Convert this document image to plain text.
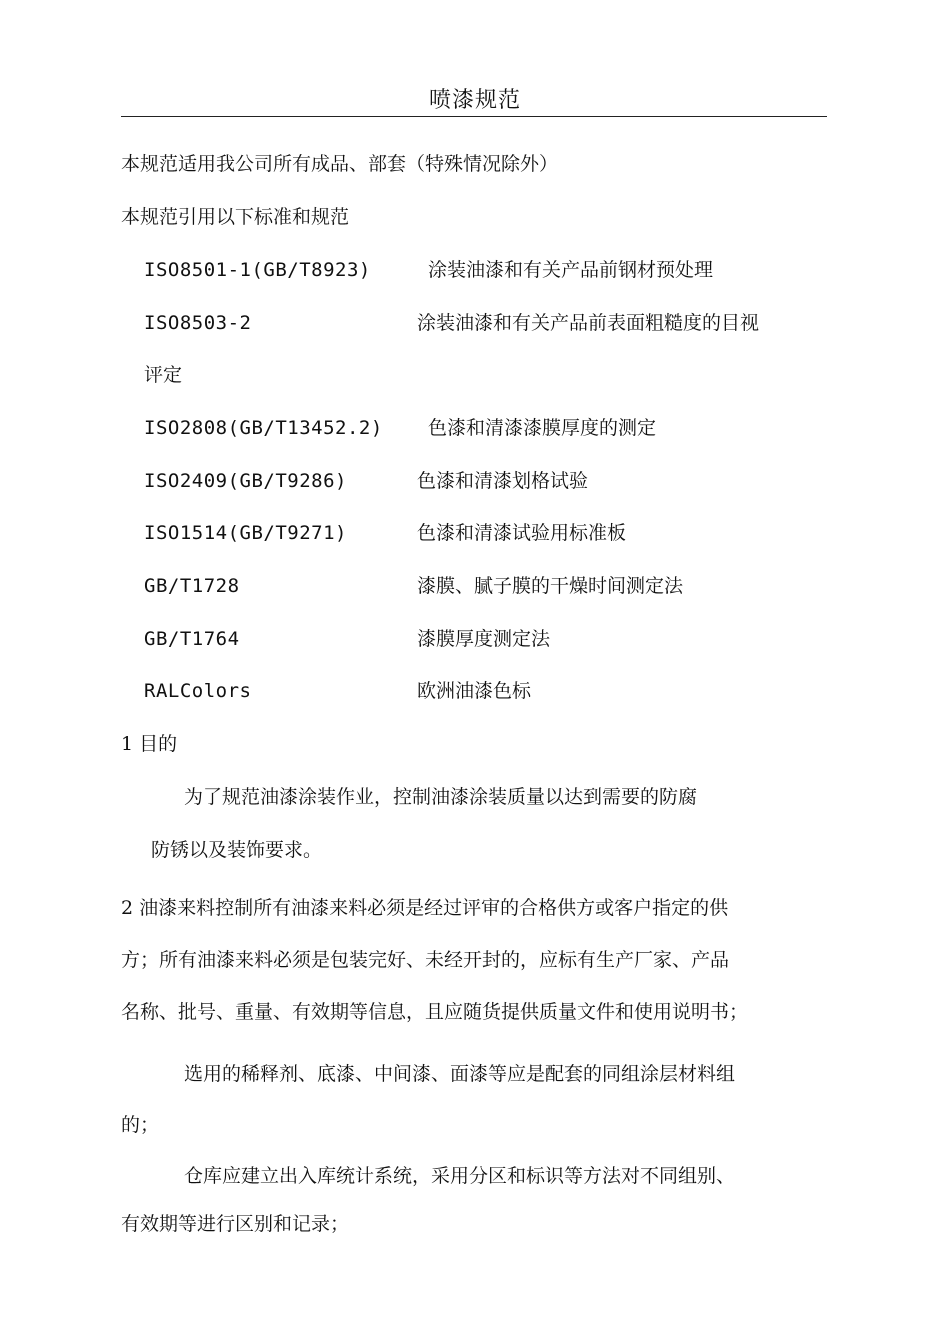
喷漆规范
本规范适用我公司所有成品、部套（特殊情况除外）
本规范引用以下标准和规范
ISO8501-1(GB/T8923)	涂装油漆和有关产品前钢材预处理
ISO8503-2	涂装油漆和有关产品前表面粗糙度的目视
评定
ISO2808(GB/T13452.2) 色漆和清漆漆膜厚度的测定
ISO2409(GB/T9286)	色漆和清漆划格试验
ISO1514(GB/T9271)	色漆和清漆试验用标准板
GB/T1728	漆膜、腻子膜的干燥时间测定法
GB/T1764	漆膜厚度测定法
RALColors	欧洲油漆色标
1 目的
为了规范油漆涂装作业，控制油漆涂装质量以达到需要的防腐
防锈以及装饰要求。
2 油漆来料控制所有油漆来料必须是经过评审的合格供方或客户指定的供
方；所有油漆来料必须是包装完好、未经开封的，应标有生产厂家、产品
名称、批号、重量、有效期等信息，且应随货提供质量文件和使用说明书；
选用的稀释剂、底漆、中间漆、面漆等应是配套的同组涂层材料组
的；
仓库应建立出入库统计系统，采用分区和标识等方法对不同组别、
有效期等进行区别和记录；
